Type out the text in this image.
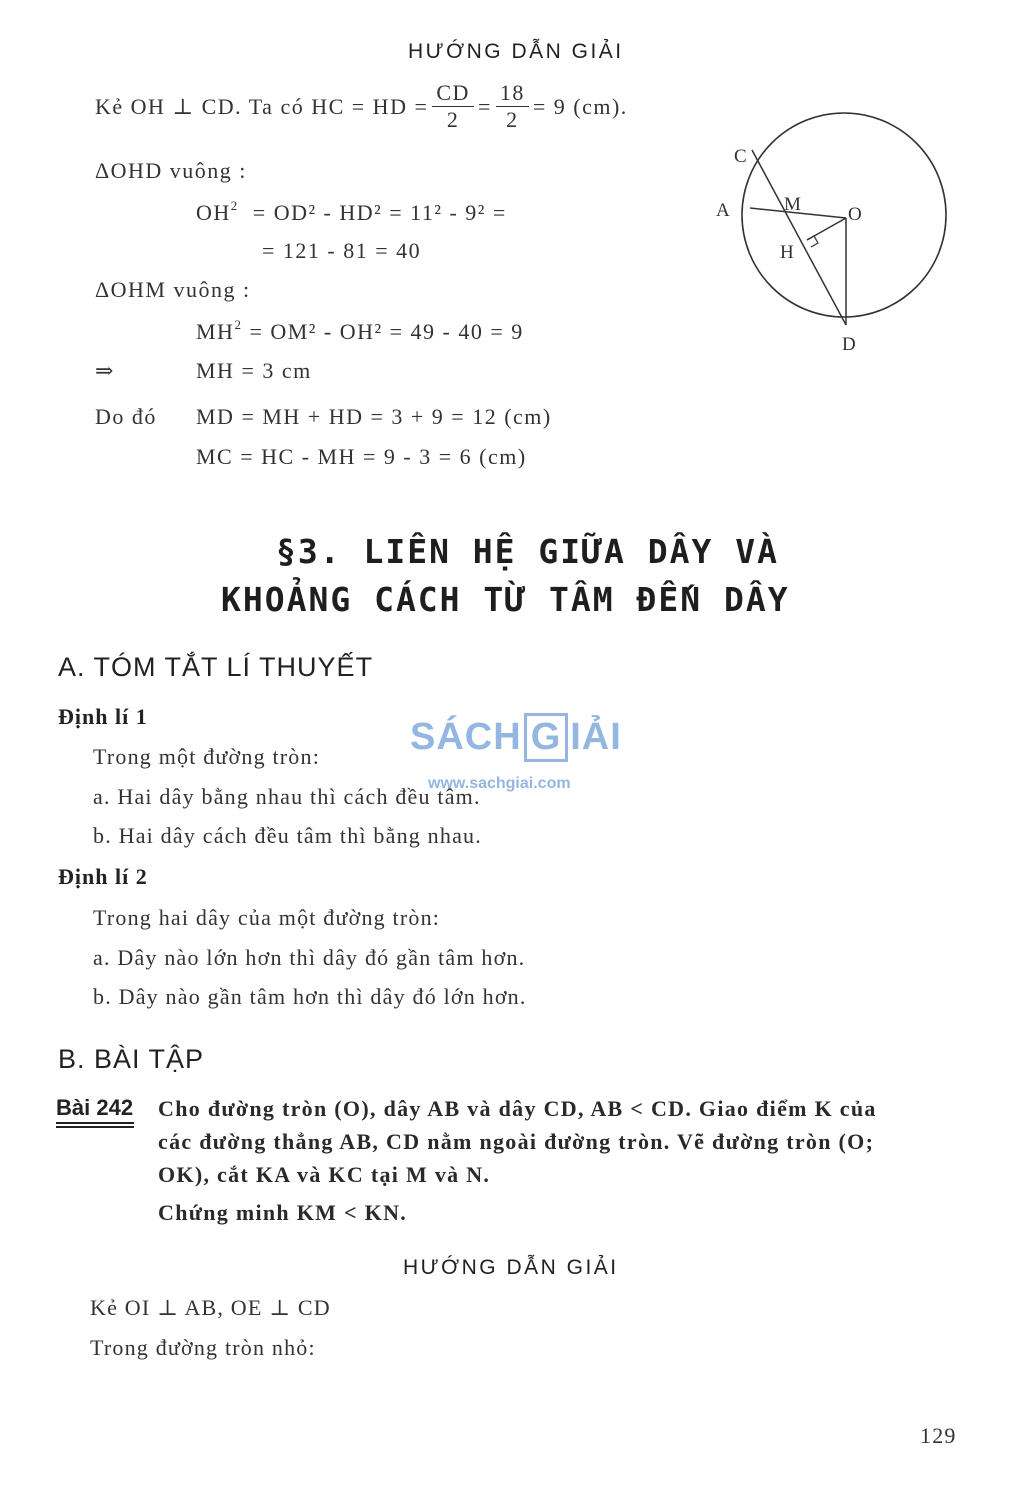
HƯỚNG DẪN GIẢI
Kẻ OH ⊥ CD. Ta có HC = HD = $\frac{CD}{2} = \frac{18}{2} = 9$ (cm).
ΔOHD vuông :
$OH^2 = OD^2 - HD^2 = 11^2 - 9^2$ =
= 121 - 81 = 40
ΔOHM vuông :
$MH^2 = OM^2 - OH^2 = 49 - 40 = 9$
⇒	MH = 3 cm
Do đó MD = MH + HD = 3 + 9 = 12 (cm)
MC = HC - MH = 9 - 3 = 6 (cm)
C
A	M O
H
D
§3. LIÊN HỆ GIỮA DÂY VÀ
KHOẢNG CÁCH TỪ TÂM ĐẾN DÂY
A. TÓM TẮT LÍ THUYẾT
Định lí 1
Trong một đường tròn:
a. Hai dây bằng nhau thì cách đều tâm.
b. Hai dây cách đều tâm thì bằng nhau.
Định lí 2
Trong hai dây của một đường tròn:
a. Dây nào lớn hơn thì dây đó gần tâm hơn.
b. Dây nào gần tâm hơn thì dây đó lớn hơn.
SÁCH G IẢI
www.sachgiai.com
B. BÀI TẬP
Bài 242 Cho đường tròn (O), dây AB và dây CD, AB < CD. Giao điểm K của
các đường thẳng AB, CD nằm ngoài đường tròn. Vẽ đường tròn (O;
OK), cắt KA và KC tại M và N.
Chứng minh KM < KN.
HƯỚNG DẪN GIẢI
Kẻ OI ⊥ AB, OE ⊥ CD
Trong đường tròn nhỏ:
129
